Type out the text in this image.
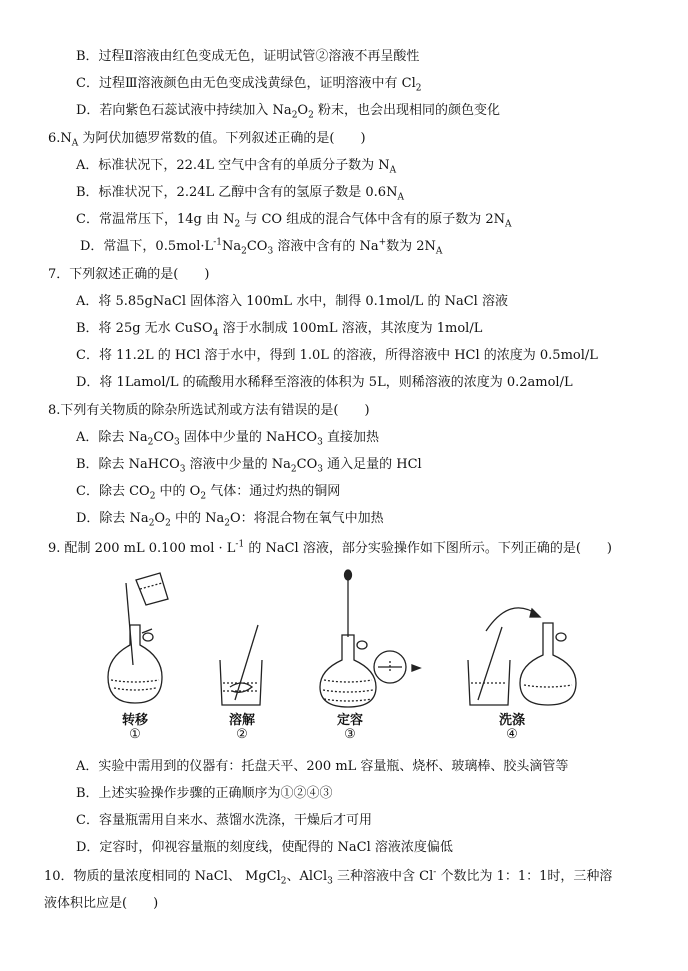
B．过程Ⅱ溶液由红色变成无色，证明试管②溶液不再呈酸性
C．过程Ⅲ溶液颜色由无色变成浅黄绿色，证明溶液中有 $Cl_2$
D．若向紫色石蕊试液中持续加入 $Na_2O_2$ 粉末，也会出现相同的颜色变化
$6.N_A$ 为阿伏加德罗常数的值。下列叙述正确的是(　　)
A．标准状况下，22.4L 空气中含有的单质分子数为 $N_A$
B．标准状况下，2.24L 乙醇中含有的氢原子数是 $0.6N_A$
C．常温常压下，14g 由 $N_2$ 与 CO 组成的混合气体中含有的原子数为 $2N_A$
D．常温下，$0.5mol\cdot L^{-1}Na_2CO_3$ 溶液中含有的 Na+数为 $2N_A$
7．下列叙述正确的是(　　)
A．将 5.85gNaCl 固体溶入 100mL 水中，制得 0.1mol/L 的 NaCl 溶液
B．将 25g 无水 CuSO$_4$ 溶于水制成 100mL 溶液，其浓度为 1mol/L
C．将 11.2L 的 HCl 溶于水中，得到 1.0L 的溶液，所得溶液中 HCl 的浓度为 0.5mol/L
D．将 1Lamol/L 的硫酸用水稀释至溶液的体积为 5L，则稀溶液的浓度为 0.2amol/L
8.下列有关物质的除杂所选试剂或方法有错误的是(　　)
A．除去 $Na_2CO_3$ 固体中少量的 NaHCO$_3$ 直接加热
B．除去 NaHCO$_3$ 溶液中少量的 $Na_2CO_3$ 通入足量的 HCl
C．除去 $CO_2$ 中的 $O_2$ 气体：通过灼热的铜网
D．除去 $Na_2O_2$ 中的 $Na_2O$：将混合物在氧气中加热
9. 配制 200 mL 0.100 mol · $L^{-1}$ 的 NaCl 溶液，部分实验操作如下图所示。下列正确的是(　　)
转移	溶解	定容	洗涤
①	②	③	④
A．实验中需用到的仪器有：托盘天平、200 mL 容量瓶、烧杯、玻璃棒、胶头滴管等
B．上述实验操作步骤的正确顺序为①②④③
C．容量瓶需用自来水、蒸馏水洗涤，干燥后才可用
D．定容时，仰视容量瓶的刻度线，使配得的 NaCl 溶液浓度偏低
10．物质的量浓度相同的 NaCl、 MgCl$_2$、AlCl$_3$ 三种溶液中含 Cl- 个数比为 1：1：1时，三种溶
液体积比应是(　　)
